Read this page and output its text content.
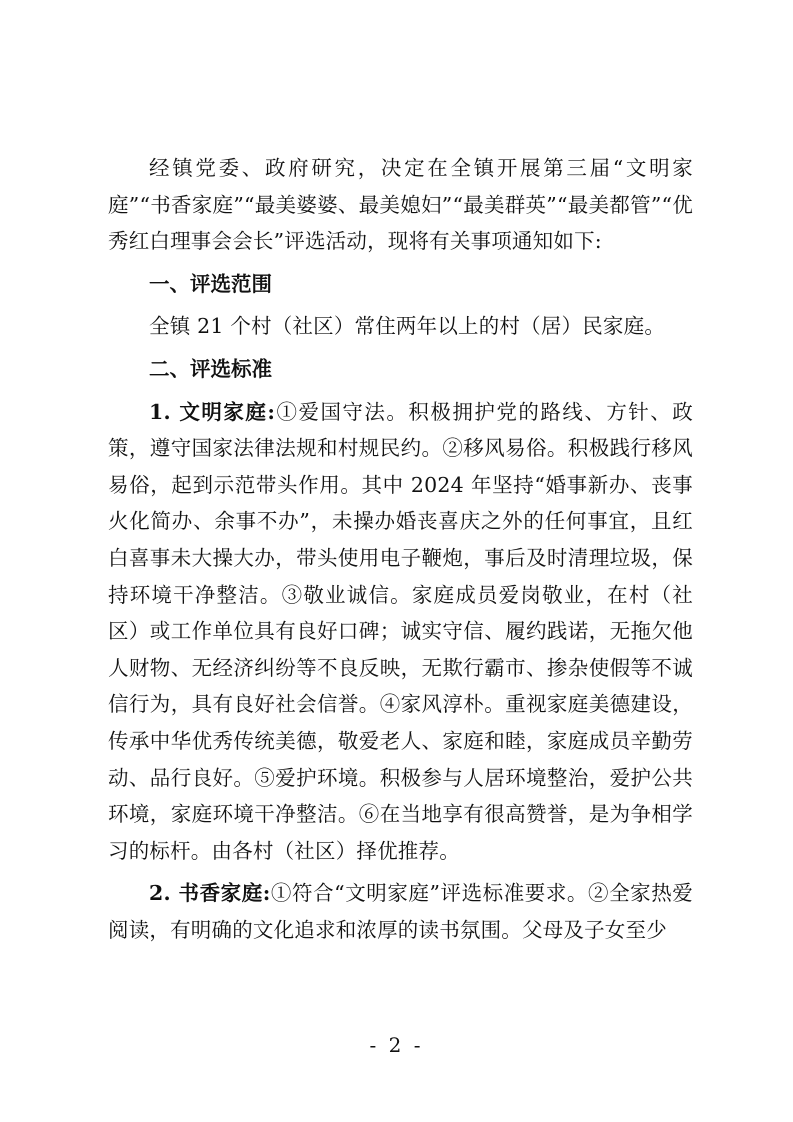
经镇党委、政府研究，决定在全镇开展第三届“文明家庭”“书香家庭”“最美婆婆、最美媳妇”“最美群英”“最美都管”“优秀红白理事会会长”评选活动，现将有关事项通知如下:

一、评选范围

全镇 21 个村（社区）常住两年以上的村（居）民家庭。

二、评选标准

1. 文明家庭:①爱国守法。积极拥护党的路线、方针、政策，遵守国家法律法规和村规民约。②移风易俗。积极践行移风易俗，起到示范带头作用。其中 2024 年坚持“婚事新办、丧事火化简办、余事不办”，未操办婚丧喜庆之外的任何事宜，且红白喜事未大操大办，带头使用电子鞭炮，事后及时清理垃圾，保持环境干净整洁。③敬业诚信。家庭成员爱岗敬业，在村（社区）或工作单位具有良好口碑；诚实守信、履约践诺，无拖欠他人财物、无经济纠纷等不良反映，无欺行霸市、掺杂使假等不诚信行为，具有良好社会信誉。④家风淳朴。重视家庭美德建设，传承中华优秀传统美德，敬爱老人、家庭和睦，家庭成员辛勤劳动、品行良好。⑤爱护环境。积极参与人居环境整治，爱护公共环境，家庭环境干净整洁。⑥在当地享有很高赞誉，是为争相学习的标杆。由各村（社区）择优推荐。

2. 书香家庭:①符合“文明家庭”评选标准要求。②全家热爱阅读，有明确的文化追求和浓厚的读书氛围。父母及子女至少

- 2 -
